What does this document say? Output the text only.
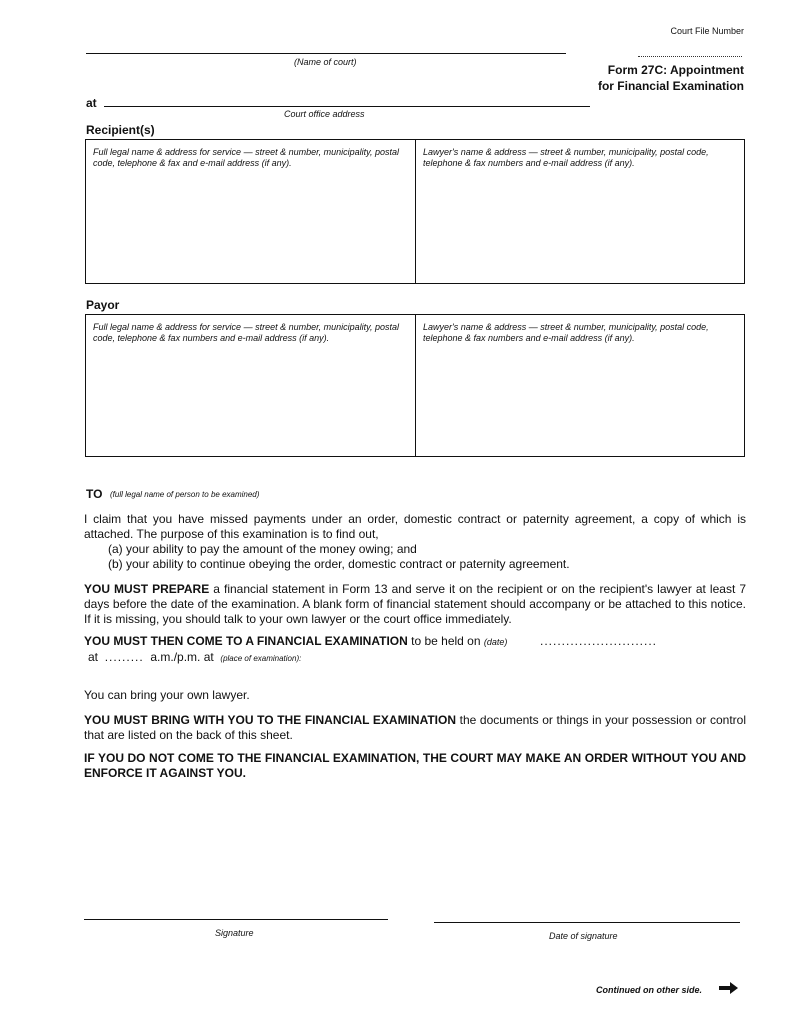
Court File Number
(Name of court)
Form 27C: Appointment
for Financial Examination
at
Court office address
Recipient(s)
Full legal name & address for service — street & number, municipality, postal code, telephone & fax and e-mail address (if any).
Lawyer's name & address — street & number, municipality, postal code, telephone & fax numbers and e-mail address (if any).
Payor
Full legal name & address for service — street & number, municipality, postal code, telephone & fax numbers and e-mail address (if any).
Lawyer's name & address — street & number, municipality, postal code, telephone & fax numbers and e-mail address (if any).
TO (full legal name of person to be examined)
I claim that you have missed payments under an order, domestic contract or paternity agreement, a copy of which is attached. The purpose of this examination is to find out,
(a) your ability to pay the amount of the money owing; and
(b) your ability to continue obeying the order, domestic contract or paternity agreement.
YOU MUST PREPARE a financial statement in Form 13 and serve it on the recipient or on the recipient's lawyer at least 7 days before the date of the examination. A blank form of financial statement should accompany or be attached to this notice. If it is missing, you should talk to your own lawyer or the court office immediately.
YOU MUST THEN COME TO A FINANCIAL EXAMINATION to be held on (date)	...........................
at ......... a.m./p.m. at (place of examination):
You can bring your own lawyer.
YOU MUST BRING WITH YOU TO THE FINANCIAL EXAMINATION the documents or things in your possession or control that are listed on the back of this sheet.
IF YOU DO NOT COME TO THE FINANCIAL EXAMINATION, THE COURT MAY MAKE AN ORDER WITHOUT YOU AND ENFORCE IT AGAINST YOU.
Signature	Date of signature
Continued on other side.
